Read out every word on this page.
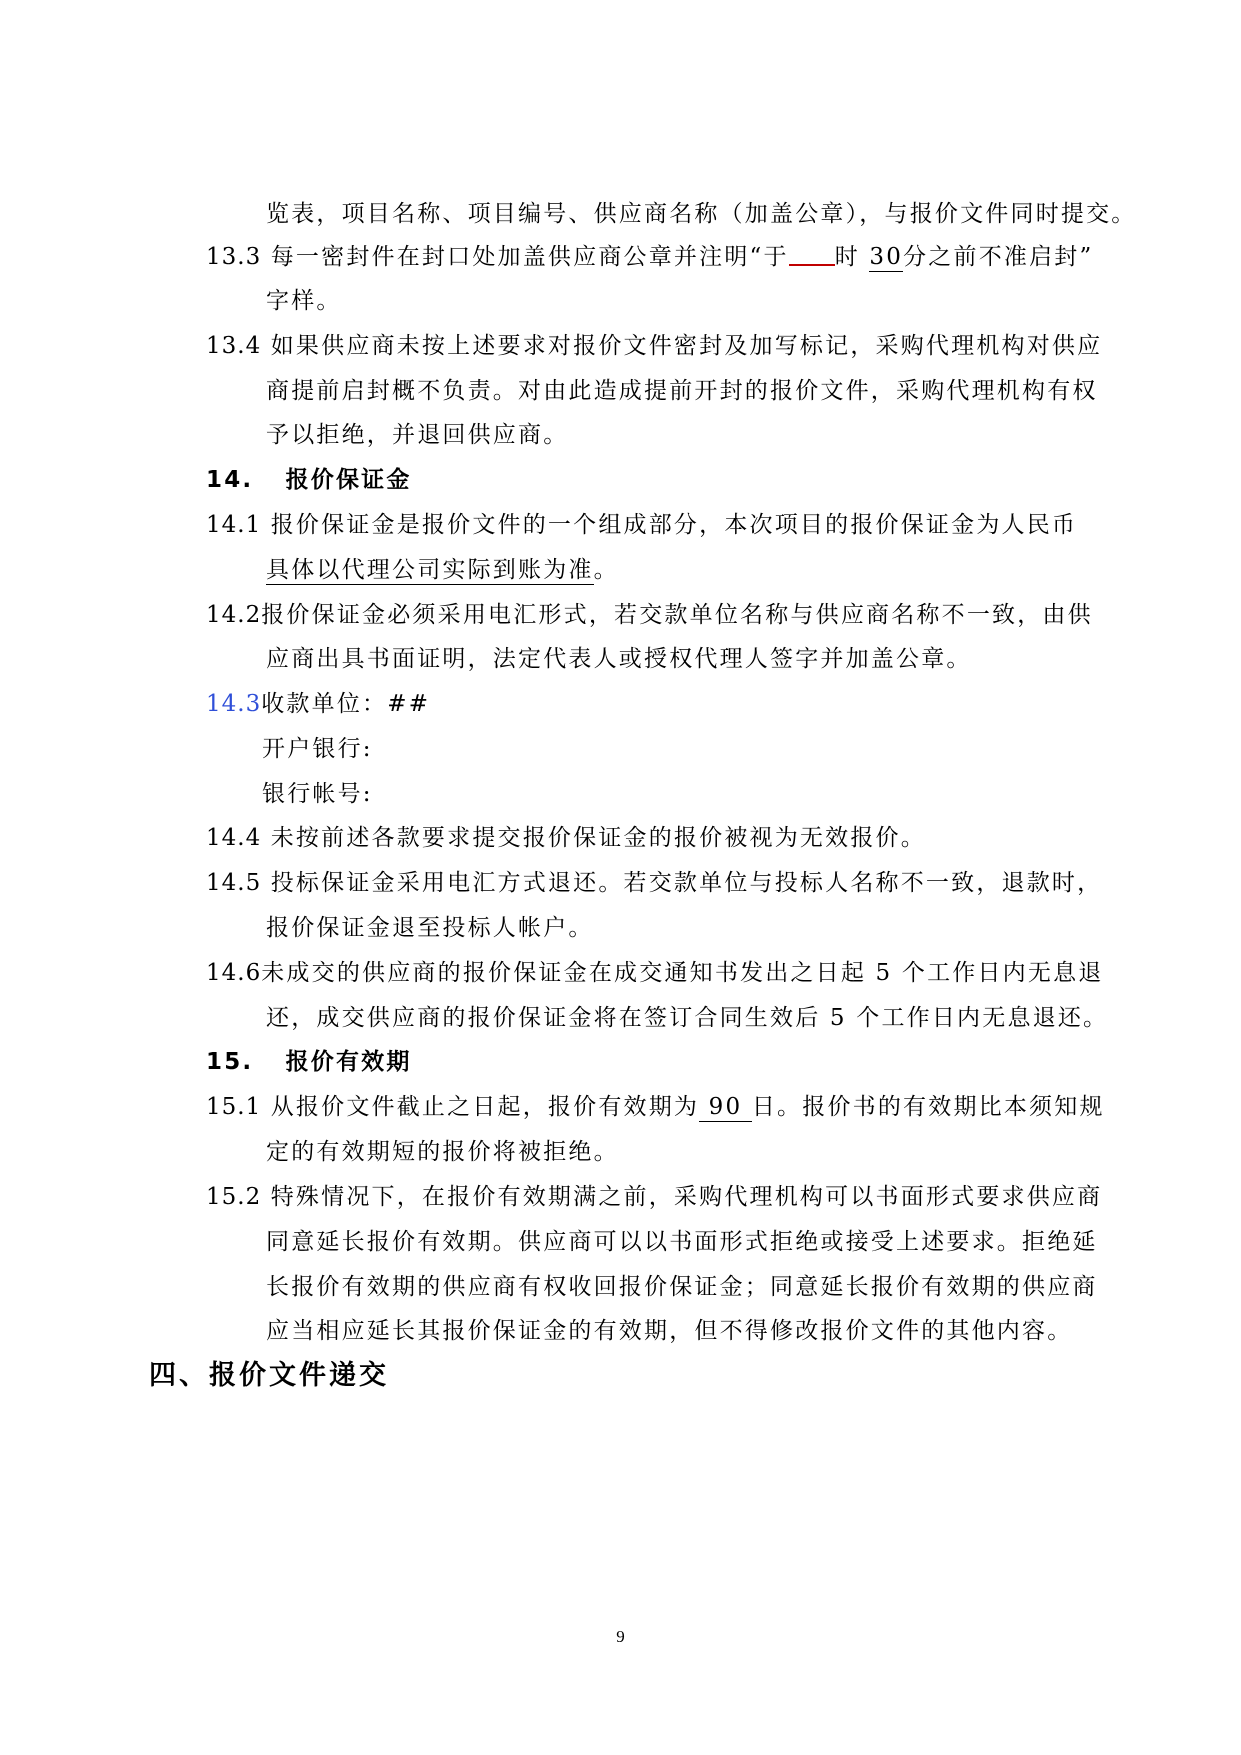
览表，项目名称、项目编号、供应商名称（加盖公章），与报价文件同时提交。
13.3 每一密封件在封口处加盖供应商公章并注明“于 时 30分之前不准启封”
字样。
13.4 如果供应商未按上述要求对报价文件密封及加写标记，采购代理机构对供应
商提前启封概不负责。对由此造成提前开封的报价文件，采购代理机构有权
予以拒绝，并退回供应商。
14. 报价保证金
14.1 报价保证金是报价文件的一个组成部分，本次项目的报价保证金为人民币
具体以代理公司实际到账为准。
14.2报价保证金必须采用电汇形式，若交款单位名称与供应商名称不一致，由供
应商出具书面证明，法定代表人或授权代理人签字并加盖公章。
14.3收款单位：##
开户银行:
银行帐号:
14.4 未按前述各款要求提交报价保证金的报价被视为无效报价。
14.5 投标保证金采用电汇方式退还。若交款单位与投标人名称不一致，退款时，
报价保证金退至投标人帐户。
14.6未成交的供应商的报价保证金在成交通知书发出之日起 5 个工作日内无息退
还，成交供应商的报价保证金将在签订合同生效后 5 个工作日内无息退还。
15. 报价有效期
15.1 从报价文件截止之日起，报价有效期为 90 日。报价书的有效期比本须知规
定的有效期短的报价将被拒绝。
15.2 特殊情况下，在报价有效期满之前，采购代理机构可以书面形式要求供应商
同意延长报价有效期。供应商可以以书面形式拒绝或接受上述要求。拒绝延
长报价有效期的供应商有权收回报价保证金；同意延长报价有效期的供应商
应当相应延长其报价保证金的有效期，但不得修改报价文件的其他内容。
四、报价文件递交
9
